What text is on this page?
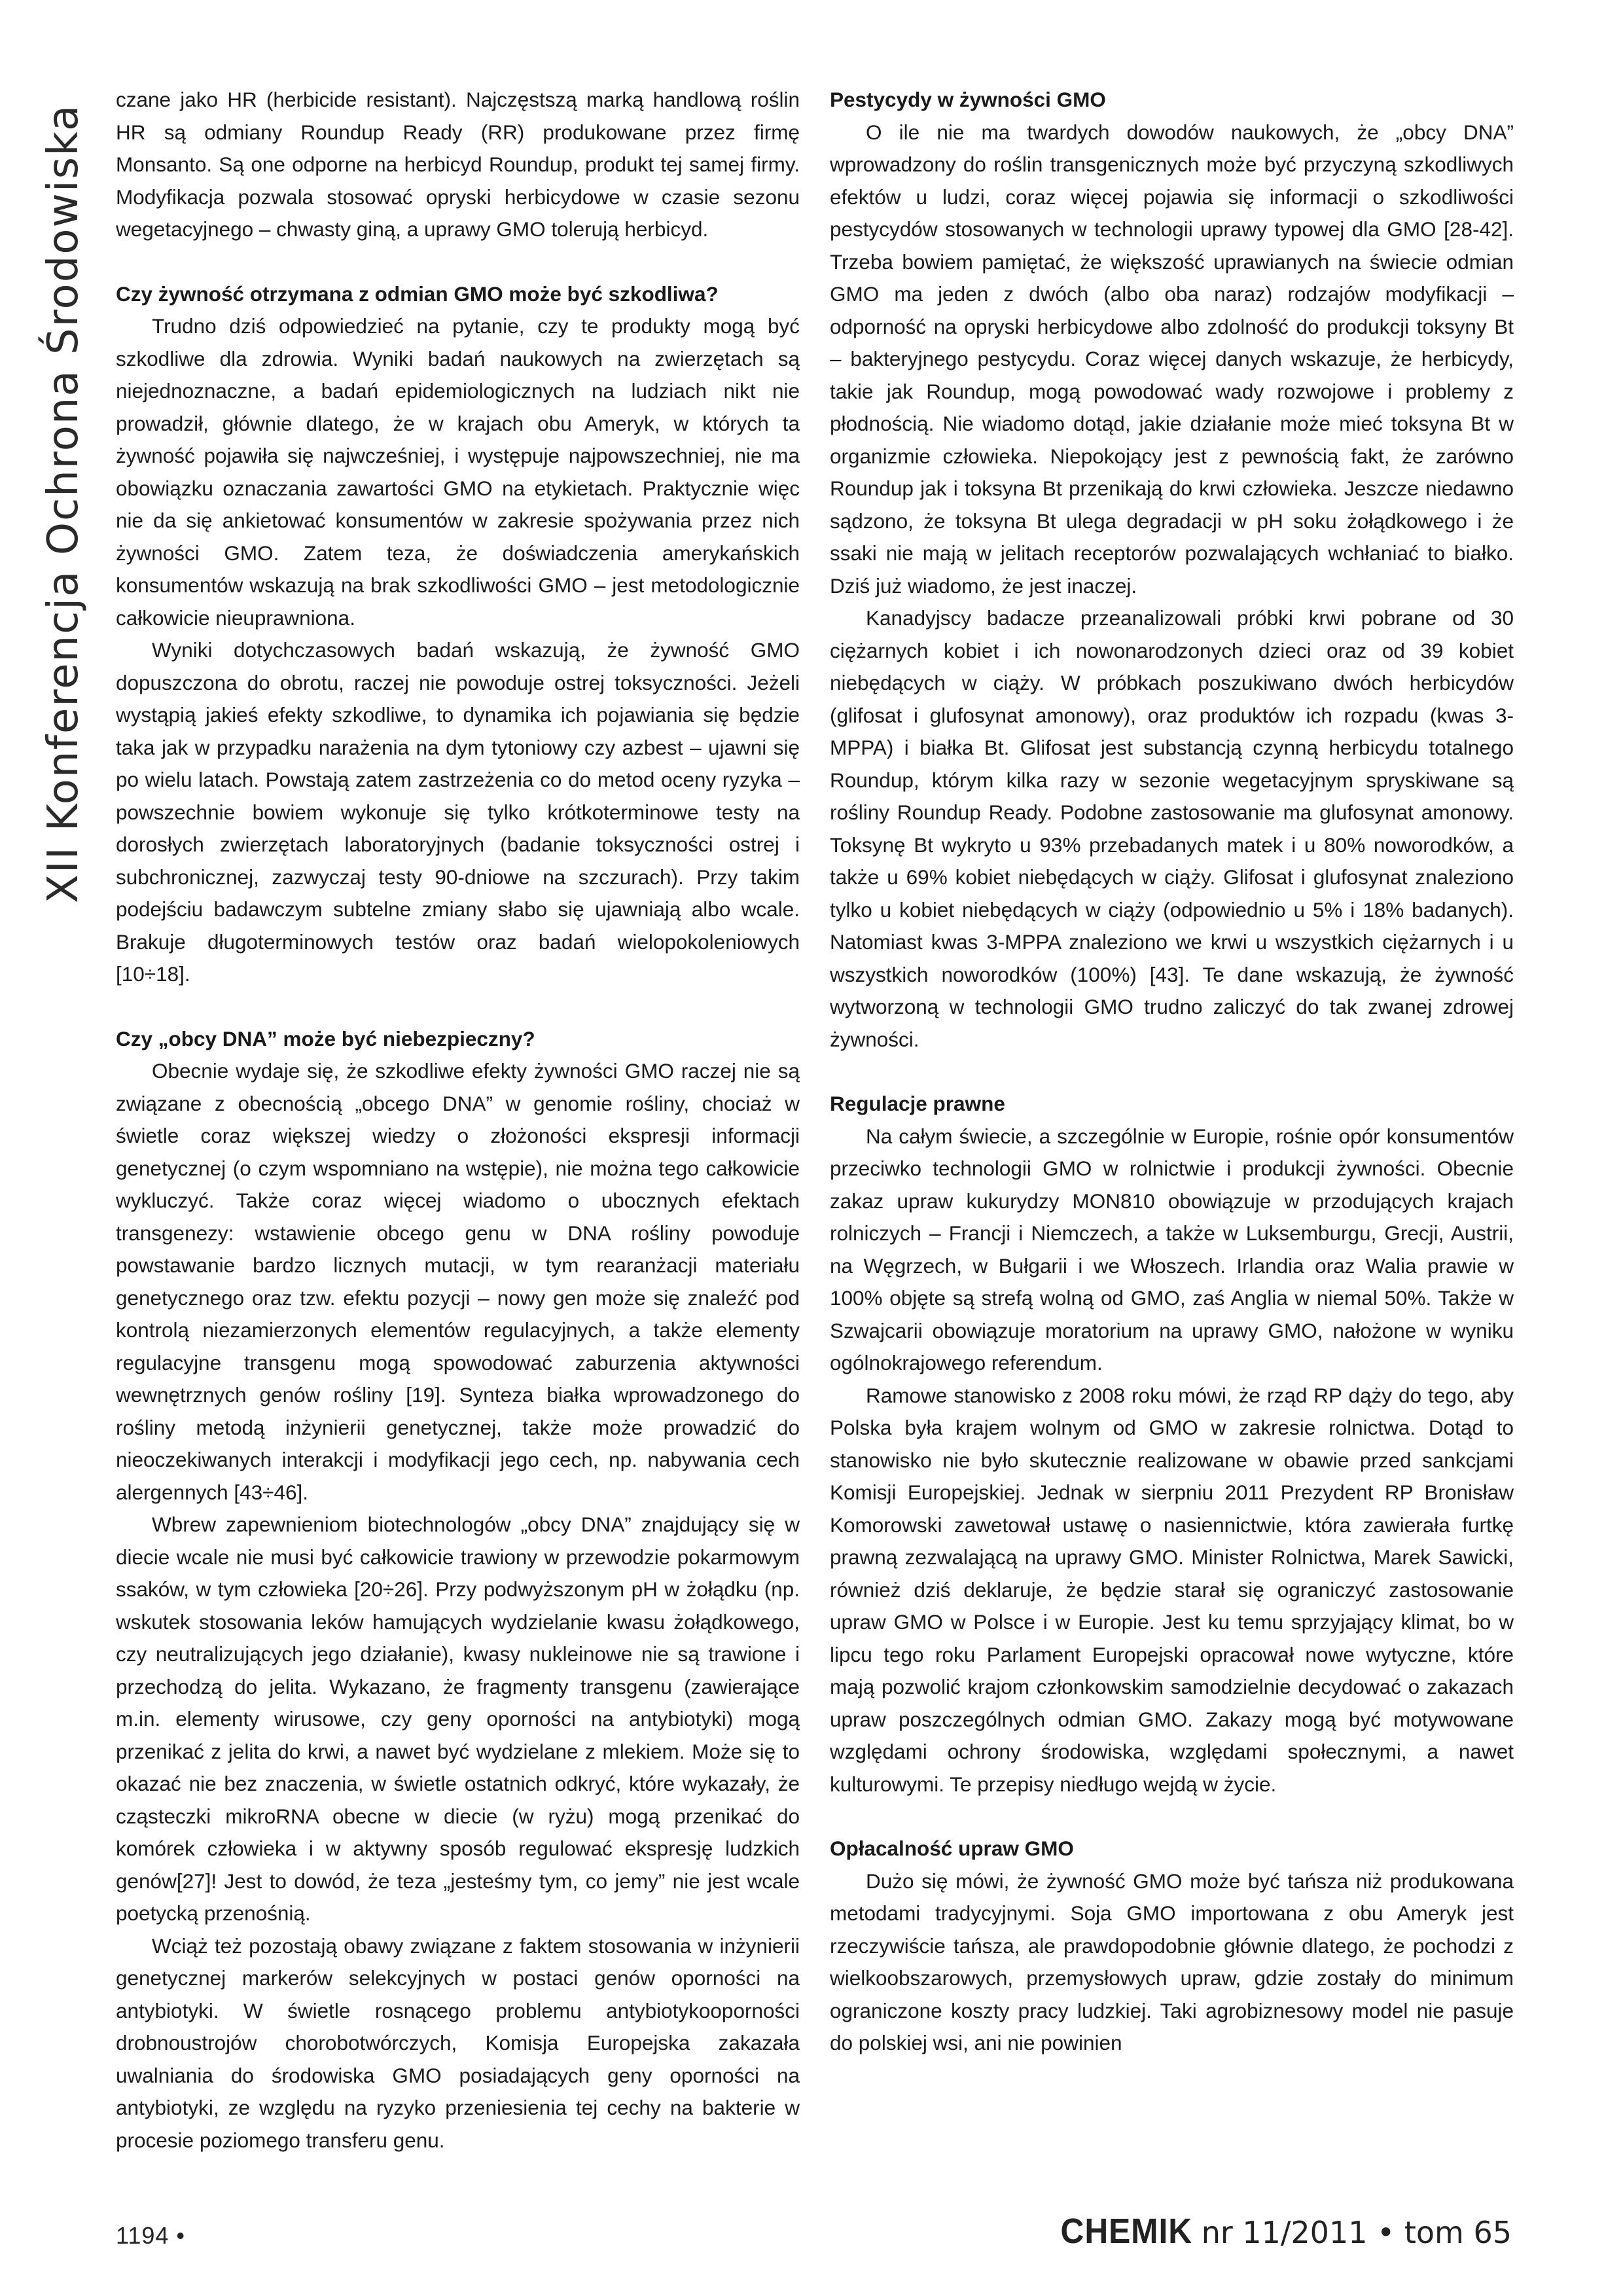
XII Konferencja Ochrona Środowiska

czane jako HR (herbicide resistant). Najczęstszą marką handlową roślin HR są odmiany Roundup Ready (RR) produkowane przez firmę Monsanto. Są one odporne na herbicyd Roundup, produkt tej samej firmy. Modyfikacja pozwala stosować opryski herbicydowe w czasie sezonu wegetacyjnego – chwasty giną, a uprawy GMO tolerują herbicyd.

Czy żywność otrzymana z odmian GMO może być szkodliwa?

Trudno dziś odpowiedzieć na pytanie, czy te produkty mogą być szkodliwe dla zdrowia. Wyniki badań naukowych na zwierzętach są niejednoznaczne, a badań epidemiologicznych na ludziach nikt nie prowadził, głównie dlatego, że w krajach obu Ameryk, w których ta żywność pojawiła się najwcześniej, i występuje najpowszechniej, nie ma obowiązku oznaczania zawartości GMO na etykietach. Praktycznie więc nie da się ankietować konsumentów w zakresie spożywania przez nich żywności GMO. Zatem teza, że doświadczenia amerykańskich konsumentów wskazują na brak szkodliwości GMO – jest metodologicznie całkowicie nieuprawniona.

Wyniki dotychczasowych badań wskazują, że żywność GMO dopuszczona do obrotu, raczej nie powoduje ostrej toksyczności. Jeżeli wystąpią jakieś efekty szkodliwe, to dynamika ich pojawiania się będzie taka jak w przypadku narażenia na dym tytoniowy czy azbest – ujawni się po wielu latach. Powstają zatem zastrzeżenia co do metod oceny ryzyka – powszechnie bowiem wykonuje się tylko krótkoterminowe testy na dorosłych zwierzętach laboratoryjnych (badanie toksyczności ostrej i subchronicznej, zazwyczaj testy 90-dniowe na szczurach). Przy takim podejściu badawczym subtelne zmiany słabo się ujawniają albo wcale. Brakuje długoterminowych testów oraz badań wielopokoleniowych [10÷18].

Czy „obcy DNA” może być niebezpieczny?

Obecnie wydaje się, że szkodliwe efekty żywności GMO raczej nie są związane z obecnością „obcego DNA” w genomie rośliny, chociaż w świetle coraz większej wiedzy o złożoności ekspresji informacji genetycznej (o czym wspomniano na wstępie), nie można tego całkowicie wykluczyć. Także coraz więcej wiadomo o ubocznych efektach transgenezy: wstawienie obcego genu w DNA rośliny powoduje powstawanie bardzo licznych mutacji, w tym rearanżacji materiału genetycznego oraz tzw. efektu pozycji – nowy gen może się znaleźć pod kontrolą niezamierzonych elementów regulacyjnych, a także elementy regulacyjne transgenu mogą spowodować zaburzenia aktywności wewnętrznych genów rośliny [19]. Synteza białka wprowadzonego do rośliny metodą inżynierii genetycznej, także może prowadzić do nieoczekiwanych interakcji i modyfikacji jego cech, np. nabywania cech alergennych [43÷46].

Wbrew zapewnieniom biotechnologów „obcy DNA” znajdujący się w diecie wcale nie musi być całkowicie trawiony w przewodzie pokarmowym ssaków, w tym człowieka [20÷26]. Przy podwyższonym pH w żołądku (np. wskutek stosowania leków hamujących wydzielanie kwasu żołądkowego, czy neutralizujących jego działanie), kwasy nukleinowe nie są trawione i przechodzą do jelita. Wykazano, że fragmenty transgenu (zawierające m.in. elementy wirusowe, czy geny oporności na antybiotyki) mogą przenikać z jelita do krwi, a nawet być wydzielane z mlekiem. Może się to okazać nie bez znaczenia, w świetle ostatnich odkryć, które wykazały, że cząsteczki mikroRNA obecne w diecie (w ryżu) mogą przenikać do komórek człowieka i w aktywny sposób regulować ekspresję ludzkich genów[27]! Jest to dowód, że teza „jesteśmy tym, co jemy” nie jest wcale poetycką przenośnią.

Wciąż też pozostają obawy związane z faktem stosowania w inżynierii genetycznej markerów selekcyjnych w postaci genów oporności na antybiotyki. W świetle rosnącego problemu antybiotykooporności drobnoustrojów chorobotwórczych, Komisja Europejska zakazała uwalniania do środowiska GMO posiadających geny oporności na antybiotyki, ze względu na ryzyko przeniesienia tej cechy na bakterie w procesie poziomego transferu genu.

Pestycydy w żywności GMO

O ile nie ma twardych dowodów naukowych, że „obcy DNA” wprowadzony do roślin transgenicznych może być przyczyną szkodliwych efektów u ludzi, coraz więcej pojawia się informacji o szkodliwości pestycydów stosowanych w technologii uprawy typowej dla GMO [28-42]. Trzeba bowiem pamiętać, że większość uprawianych na świecie odmian GMO ma jeden z dwóch (albo oba naraz) rodzajów modyfikacji – odporność na opryski herbicydowe albo zdolność do produkcji toksyny Bt – bakteryjnego pestycydu. Coraz więcej danych wskazuje, że herbicydy, takie jak Roundup, mogą powodować wady rozwojowe i problemy z płodnością. Nie wiadomo dotąd, jakie działanie może mieć toksyna Bt w organizmie człowieka. Niepokojący jest z pewnością fakt, że zarówno Roundup jak i toksyna Bt przenikają do krwi człowieka. Jeszcze niedawno sądzono, że toksyna Bt ulega degradacji w pH soku żołądkowego i że ssaki nie mają w jelitach receptorów pozwalających wchłaniać to białko. Dziś już wiadomo, że jest inaczej.

Kanadyjscy badacze przeanalizowali próbki krwi pobrane od 30 ciężarnych kobiet i ich nowonarodzonych dzieci oraz od 39 kobiet niebędących w ciąży. W próbkach poszukiwano dwóch herbicydów (glifosat i glufosynat amonowy), oraz produktów ich rozpadu (kwas 3-MPPA) i białka Bt. Glifosat jest substancją czynną herbicydu totalnego Roundup, którym kilka razy w sezonie wegetacyjnym spryskiwane są rośliny Roundup Ready. Podobne zastosowanie ma glufosynat amonowy. Toksynę Bt wykryto u 93% przebadanych matek i u 80% noworodków, a także u 69% kobiet niebędących w ciąży. Glifosat i glufosynat znaleziono tylko u kobiet niebędących w ciąży (odpowiednio u 5% i 18% badanych). Natomiast kwas 3-MPPA znaleziono we krwi u wszystkich ciężarnych i u wszystkich noworodków (100%) [43]. Te dane wskazują, że żywność wytworzoną w technologii GMO trudno zaliczyć do tak zwanej zdrowej żywności.

Regulacje prawne

Na całym świecie, a szczególnie w Europie, rośnie opór konsumentów przeciwko technologii GMO w rolnictwie i produkcji żywności. Obecnie zakaz upraw kukurydzy MON810 obowiązuje w przodujących krajach rolniczych – Francji i Niemczech, a także w Luksemburgu, Grecji, Austrii, na Węgrzech, w Bułgarii i we Włoszech. Irlandia oraz Walia prawie w 100% objęte są strefą wolną od GMO, zaś Anglia w niemal 50%. Także w Szwajcarii obowiązuje moratorium na uprawy GMO, nałożone w wyniku ogólnokrajowego referendum.

Ramowe stanowisko z 2008 roku mówi, że rząd RP dąży do tego, aby Polska była krajem wolnym od GMO w zakresie rolnictwa. Dotąd to stanowisko nie było skutecznie realizowane w obawie przed sankcjami Komisji Europejskiej. Jednak w sierpniu 2011 Prezydent RP Bronisław Komorowski zawetował ustawę o nasiennictwie, która zawierała furtkę prawną zezwalającą na uprawy GMO. Minister Rolnictwa, Marek Sawicki, również dziś deklaruje, że będzie starał się ograniczyć zastosowanie upraw GMO w Polsce i w Europie. Jest ku temu sprzyjający klimat, bo w lipcu tego roku Parlament Europejski opracował nowe wytyczne, które mają pozwolić krajom członkowskim samodzielnie decydować o zakazach upraw poszczególnych odmian GMO. Zakazy mogą być motywowane względami ochrony środowiska, względami społecznymi, a nawet kulturowymi. Te przepisy niedługo wejdą w życie.

Opłacalność upraw GMO

Dużo się mówi, że żywność GMO może być tańsza niż produkowana metodami tradycyjnymi. Soja GMO importowana z obu Ameryk jest rzeczywiście tańsza, ale prawdopodobnie głównie dlatego, że pochodzi z wielkoobszarowych, przemysłowych upraw, gdzie zostały do minimum ograniczone koszty pracy ludzkiej. Taki agrobiznesowy model nie pasuje do polskiej wsi, ani nie powinien

1194 •	CHEMIK nr 11/2011 • tom 65
